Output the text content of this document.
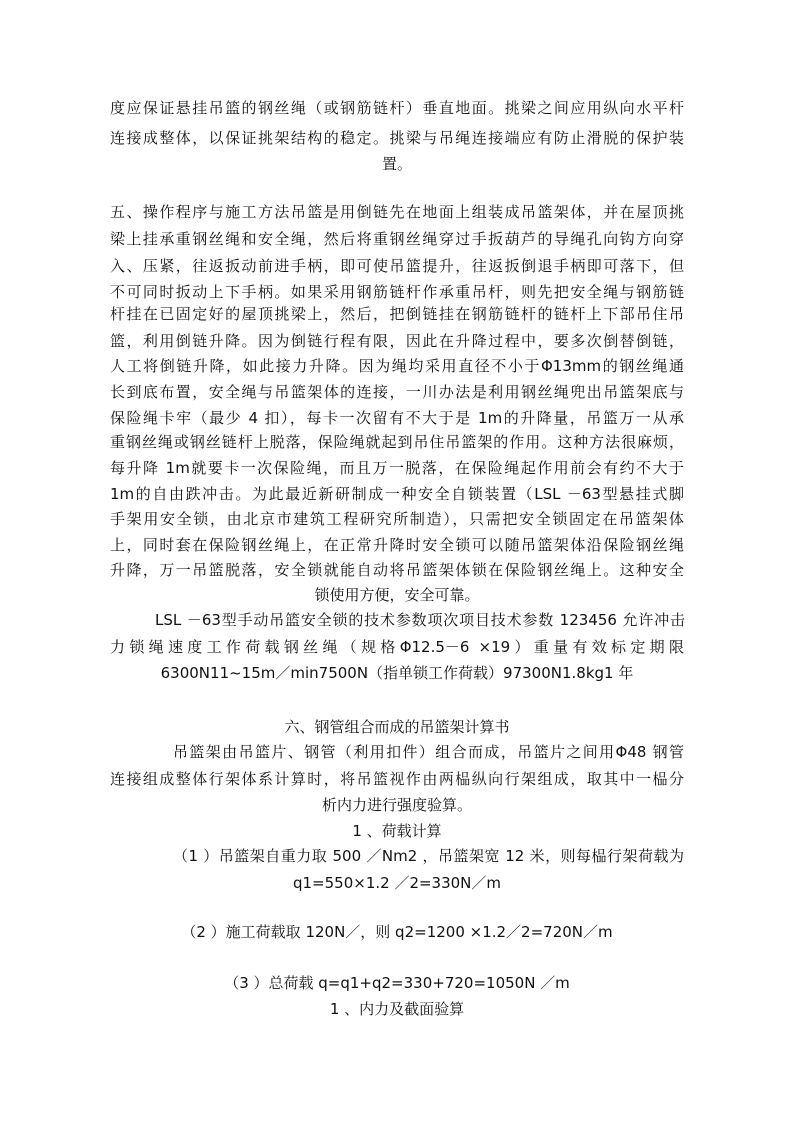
度应保证悬挂吊篮的钢丝绳（或钢筋链杆）垂直地面。挑梁之间应用纵向水平杆
连接成整体，以保证挑架结构的稳定。挑梁与吊绳连接端应有防止滑脱的保护装
置。
五、操作程序与施工方法吊篮是用倒链先在地面上组装成吊篮架体，并在屋顶挑
梁上挂承重钢丝绳和安全绳，然后将重钢丝绳穿过手扳葫芦的导绳孔向钩方向穿
入、压紧，往返扳动前进手柄，即可使吊篮提升，往返扳倒退手柄即可落下，但
不可同时扳动上下手柄。如果采用钢筋链杆作承重吊杆，则先把安全绳与钢筋链
杆挂在已固定好的屋顶挑梁上，然后，把倒链挂在钢筋链杆的链杆上下部吊住吊
篮，利用倒链升降。因为倒链行程有限，因此在升降过程中，要多次倒替倒链，
人工将倒链升降，如此接力升降。因为绳均采用直径不小于Φ13mm的钢丝绳通
长到底布置，安全绳与吊篮架体的连接，一川办法是利用钢丝绳兜出吊篮架底与
保险绳卡牢（最少 4 扣），每卡一次留有不大于是 1m的升降量，吊篮万一从承
重钢丝绳或钢丝链杆上脱落，保险绳就起到吊住吊篮架的作用。这种方法很麻烦，
每升降 1m就要卡一次保险绳，而且万一脱落，在保险绳起作用前会有约不大于
1m的自由跌冲击。为此最近新研制成一种安全自锁装置（LSL －63型悬挂式脚
手架用安全锁，由北京市建筑工程研究所制造），只需把安全锁固定在吊篮架体
上，同时套在保险钢丝绳上，在正常升降时安全锁可以随吊篮架体沿保险钢丝绳
升降，万一吊篮脱落，安全锁就能自动将吊篮架体锁在保险钢丝绳上。这种安全
锁使用方便，安全可靠。
LSL －63型手动吊篮安全锁的技术参数项次项目技术参数 123456 允许冲击
力锁绳速度工作荷载钢丝绳（规格Φ12.5－6 ×19）重量有效标定期限
6300N11~15m／min7500N（指单锁工作荷载）97300N1.8kg1 年
六、钢管组合而成的吊篮架计算书
吊篮架由吊篮片、钢管（利用扣件）组合而成，吊篮片之间用Φ48 钢管
连接组成整体行架体系计算时，将吊篮视作由两榀纵向行架组成，取其中一榀分
析内力进行强度验算。
1 、荷载计算
（1 ）吊篮架自重力取 500 ／Nm2 ，吊篮架宽 12 米，则每榀行架荷载为
q1=550×1.2 ／2=330N／m
（2 ）施工荷载取 120N／，则 q2=1200 ×1.2／2=720N／m
（3 ）总荷载 q=q1+q2=330+720=1050N ／m
1 、内力及截面验算
